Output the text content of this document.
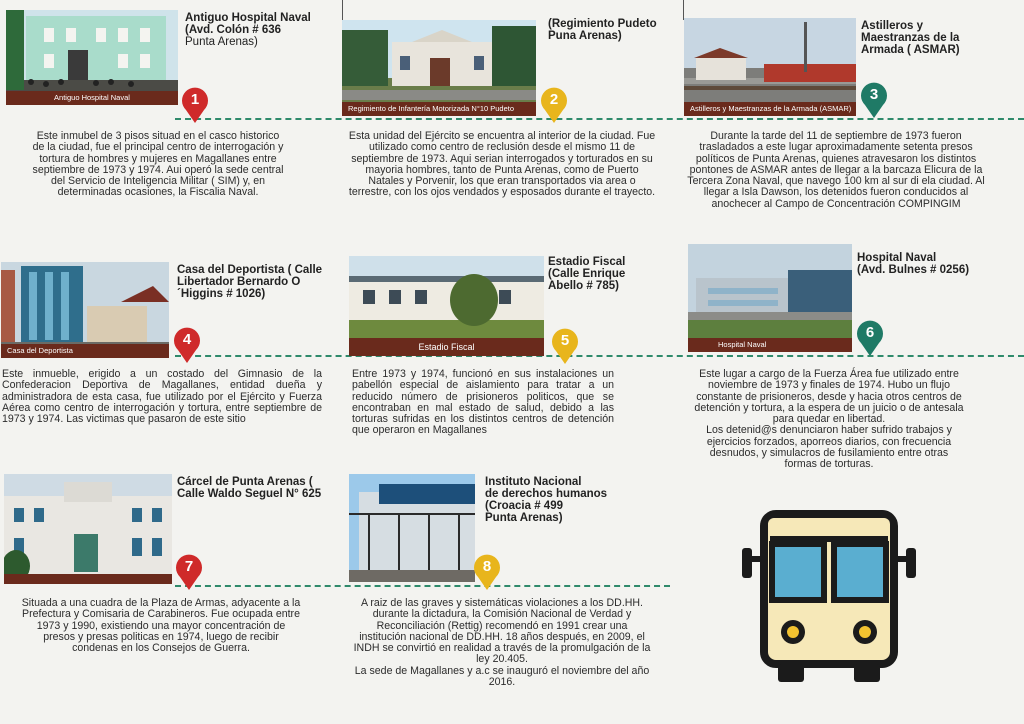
Antiguo Hospital Naval	1
Antiguo Hospital Naval
(Avd. Colón # 636
Punta Arenas)
Este inmubel de 3 pisos situad en el casco historico de la ciudad, fue el principal centro de interrogación y tortura de hombres y mujeres en Magallanes entre septiembre de 1973 y 1974. Aui operó la sede central del Servicio de Inteligencia Militar ( SIM) y, en determinadas ocasiones, la Fiscalia Naval.
Regimiento de Infantería Motorizada N°10 Pudeto
2
(Regimiento Pudeto
Puna Arenas)
Esta unidad del Ejército se encuentra al interior de la ciudad. Fue utilizado como centro de reclusión desde el mismo 11 de septiembre de 1973. Aqui serian interrogados y torturados en su mayoria hombres, tanto de Punta Arenas, como de Puerto Natales y Porvenir, los que eran transportados via area o terrestre, con los ojos vendados y esposados durante el trayecto.
Astilleros y Maestranzas de la Armada (ASMAR)
3
Astilleros y
Maestranzas de la
Armada ( ASMAR)
Durante la tarde del 11 de septiembre de 1973 fueron trasladados a este lugar aproximadamente setenta presos políticos de Punta Arenas, quienes atravesaron los distintos pontones de ASMAR antes de llegar a la barcaza Elicura de la Tercera Zona Naval, que navego 100 km al sur di ela ciudad. Al llegar a Isla Dawson, los detenidos fueron conducidos al anochecer al Campo de Concentración COMPINGIM
Casa del Deportista
4
Casa del Deportista ( Calle
Libertador Bernardo O
´Higgins # 1026)
Este inmueble, erigido a un costado del Gimnasio de la Confederacion Deportiva de Magallanes, entidad dueña y administradora de esta casa, fue utilizado por el Ejército y Fuerza Aérea como centro de interrogación y tortura, entre septiembre de 1973 y 1974. Las victimas que pasaron de este sitio
Estadio Fiscal	5
Estadio Fiscal
(Calle Enrique
Abello # 785)
Entre 1973 y 1974, funcionó en sus instalaciones un pabellón especial de aislamiento para tratar a un reducido número de prisioneros politicos, que se encontraban en mal estado de salud, debido a las torturas sufridas en los distintos centros de detención que operaron en Magallanes
Hospital Naval
6
Hospital Naval
(Avd. Bulnes # 0256)
Este lugar a cargo de la Fuerza Área fue utilizado entre noviembre de 1973 y finales de 1974. Hubo un flujo constante de prisioneros, desde y hacia otros centros de detención y tortura, a la espera de un juicio o de antesala para quedar en libertad.
Los detenid@s denunciaron haber sufrido trabajos y ejercicios forzados, aporreos diarios, con frecuencia desnudos, y simulacros de fusilamiento entre otras formas de torturas.
7
Cárcel de Punta Arenas (
Calle Waldo Seguel N° 625
Situada a una cuadra de la Plaza de Armas, adyacente a la Prefectura y Comisaria de Carabineros. Fue ocupada entre 1973 y 1990, existiendo una mayor concentración de presos y presas politicas en 1974, luego de recibir condenas en los Consejos de Guerra.
8
Instituto Nacional
de derechos humanos
(Croacia # 499
Punta Arenas)
A raiz de las graves y sistemáticas violaciones a los DD.HH. durante la dictadura, la Comisión Nacional de Verdad y Reconciliación (Rettig) recomendó en 1991 crear una institución nacional de DD.HH. 18 años después, en 2009, el INDH se convirtió en realidad a través de la promulgación de la ley 20.405.
La sede de Magallanes y a.c se inauguró el noviembre del año 2016.
